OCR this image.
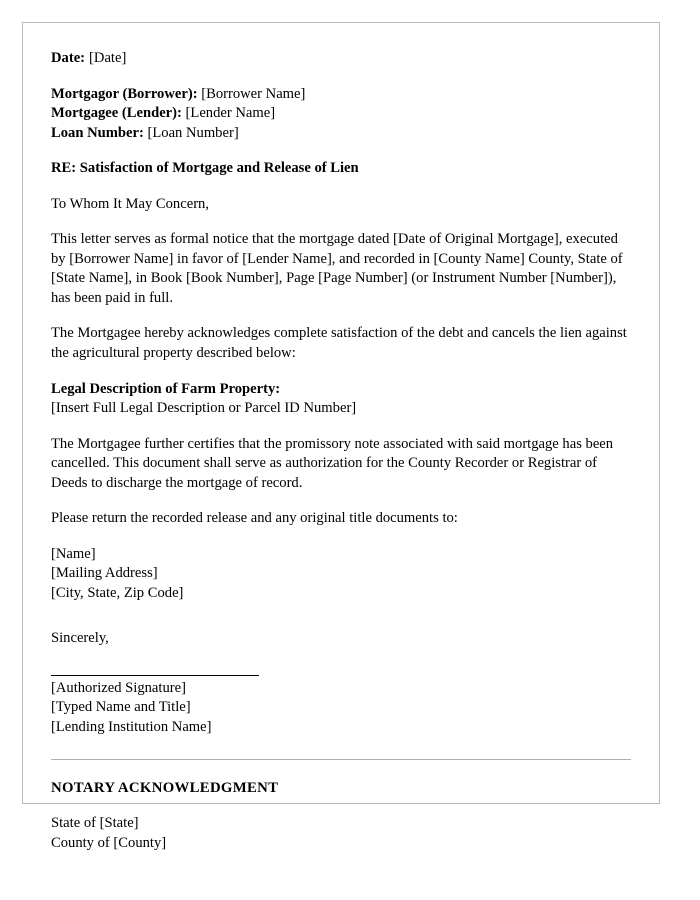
Date: [Date]
Mortgagor (Borrower): [Borrower Name]
Mortgagee (Lender): [Lender Name]
Loan Number: [Loan Number]
RE: Satisfaction of Mortgage and Release of Lien
To Whom It May Concern,
This letter serves as formal notice that the mortgage dated [Date of Original Mortgage], executed by [Borrower Name] in favor of [Lender Name], and recorded in [County Name] County, State of [State Name], in Book [Book Number], Page [Page Number] (or Instrument Number [Number]), has been paid in full.
The Mortgagee hereby acknowledges complete satisfaction of the debt and cancels the lien against the agricultural property described below:
Legal Description of Farm Property:
[Insert Full Legal Description or Parcel ID Number]
The Mortgagee further certifies that the promissory note associated with said mortgage has been cancelled. This document shall serve as authorization for the County Recorder or Registrar of Deeds to discharge the mortgage of record.
Please return the recorded release and any original title documents to:
[Name]
[Mailing Address]
[City, State, Zip Code]
Sincerely,
[Authorized Signature]
[Typed Name and Title]
[Lending Institution Name]
NOTARY ACKNOWLEDGMENT
State of [State]
County of [County]
